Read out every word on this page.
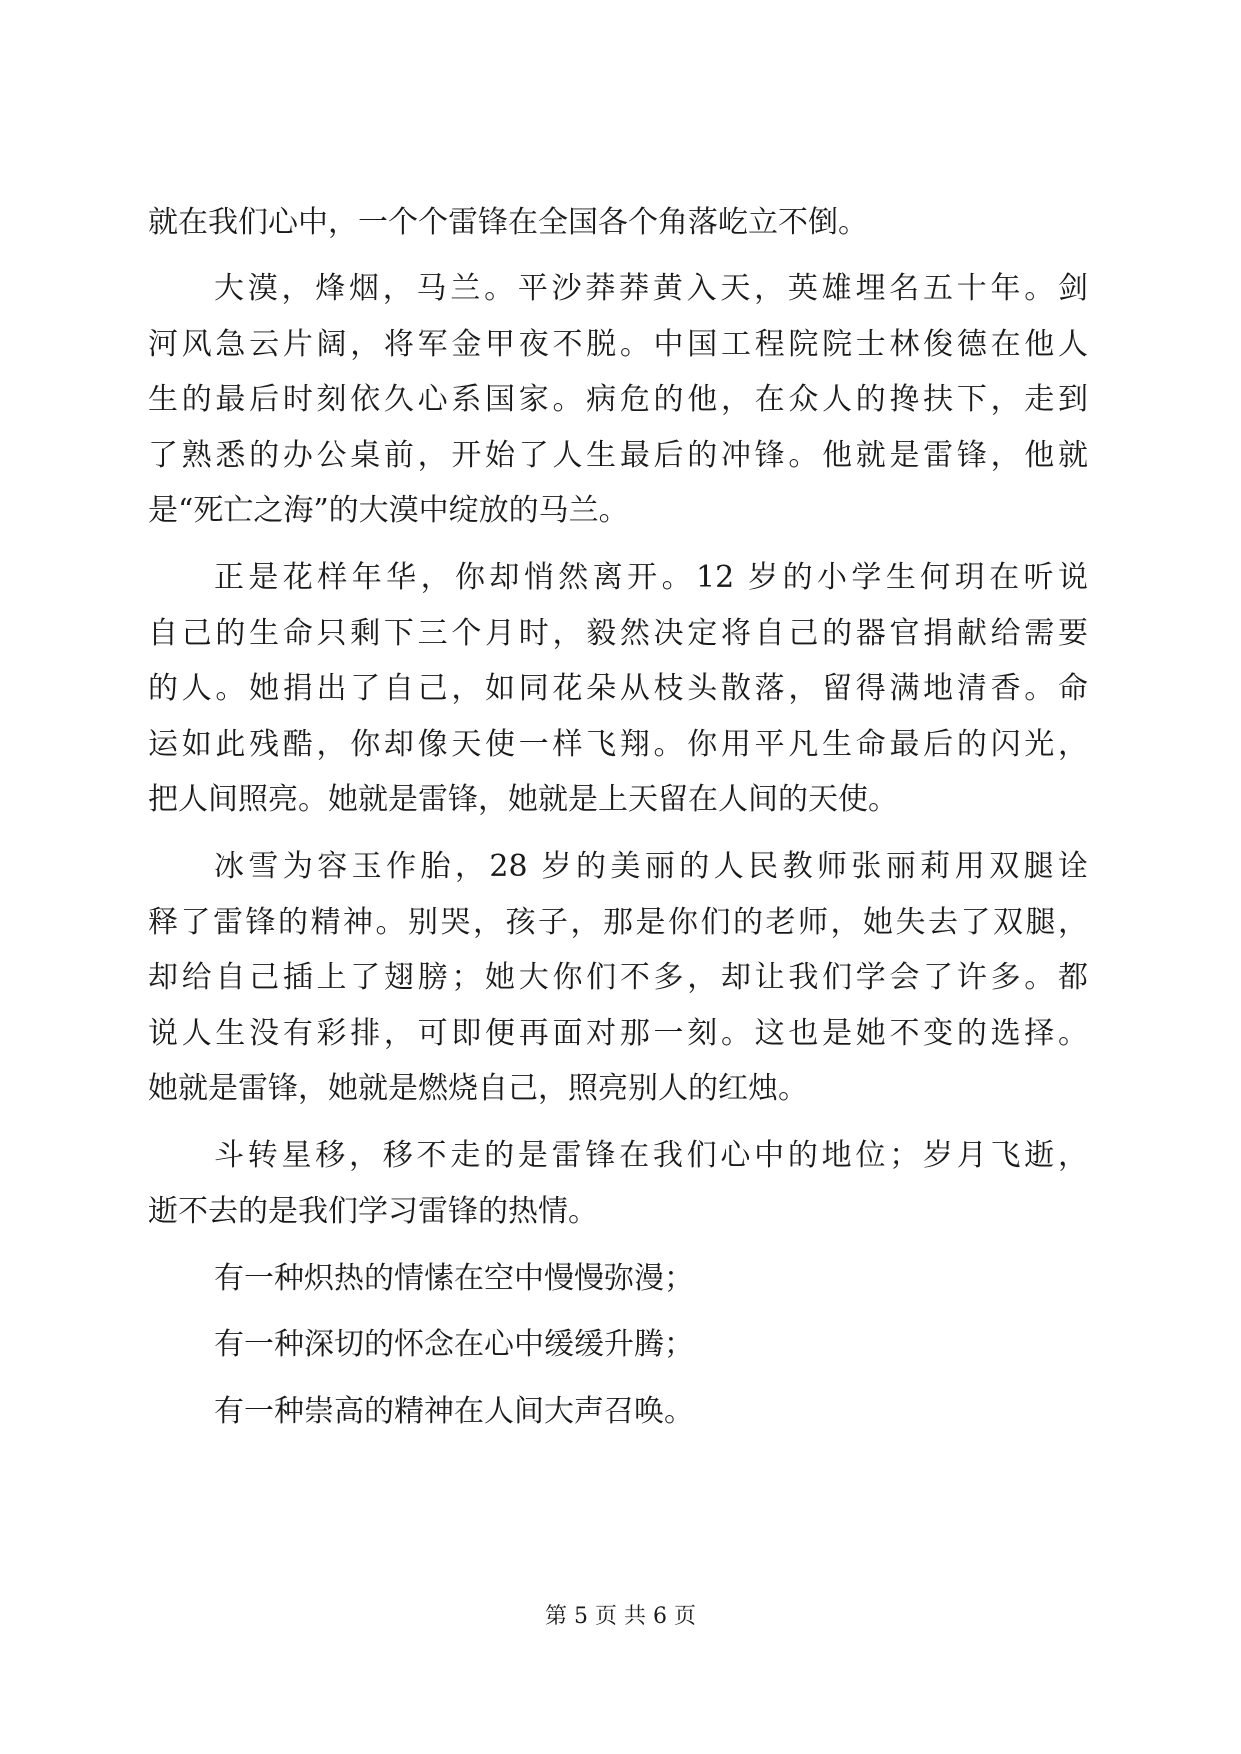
就在我们心中，一个个雷锋在全国各个角落屹立不倒。
大漠，烽烟，马兰。平沙莽莽黄入天，英雄埋名五十年。剑
河风急云片阔，将军金甲夜不脱。中国工程院院士林俊德在他人
生的最后时刻依久心系国家。病危的他，在众人的搀扶下，走到
了熟悉的办公桌前，开始了人生最后的冲锋。他就是雷锋，他就
是“死亡之海”的大漠中绽放的马兰。
正是花样年华，你却悄然离开。12 岁的小学生何玥在听说
自己的生命只剩下三个月时，毅然决定将自己的器官捐献给需要
的人。她捐出了自己，如同花朵从枝头散落，留得满地清香。命
运如此残酷，你却像天使一样飞翔。你用平凡生命最后的闪光，
把人间照亮。她就是雷锋，她就是上天留在人间的天使。
冰雪为容玉作胎，28 岁的美丽的人民教师张丽莉用双腿诠
释了雷锋的精神。别哭，孩子，那是你们的老师，她失去了双腿，
却给自己插上了翅膀；她大你们不多，却让我们学会了许多。都
说人生没有彩排，可即便再面对那一刻。这也是她不变的选择。
她就是雷锋，她就是燃烧自己，照亮别人的红烛。
斗转星移，移不走的是雷锋在我们心中的地位；岁月飞逝，
逝不去的是我们学习雷锋的热情。
有一种炽热的情愫在空中慢慢弥漫；
有一种深切的怀念在心中缓缓升腾；
有一种崇高的精神在人间大声召唤。
第 5 页 共 6 页
